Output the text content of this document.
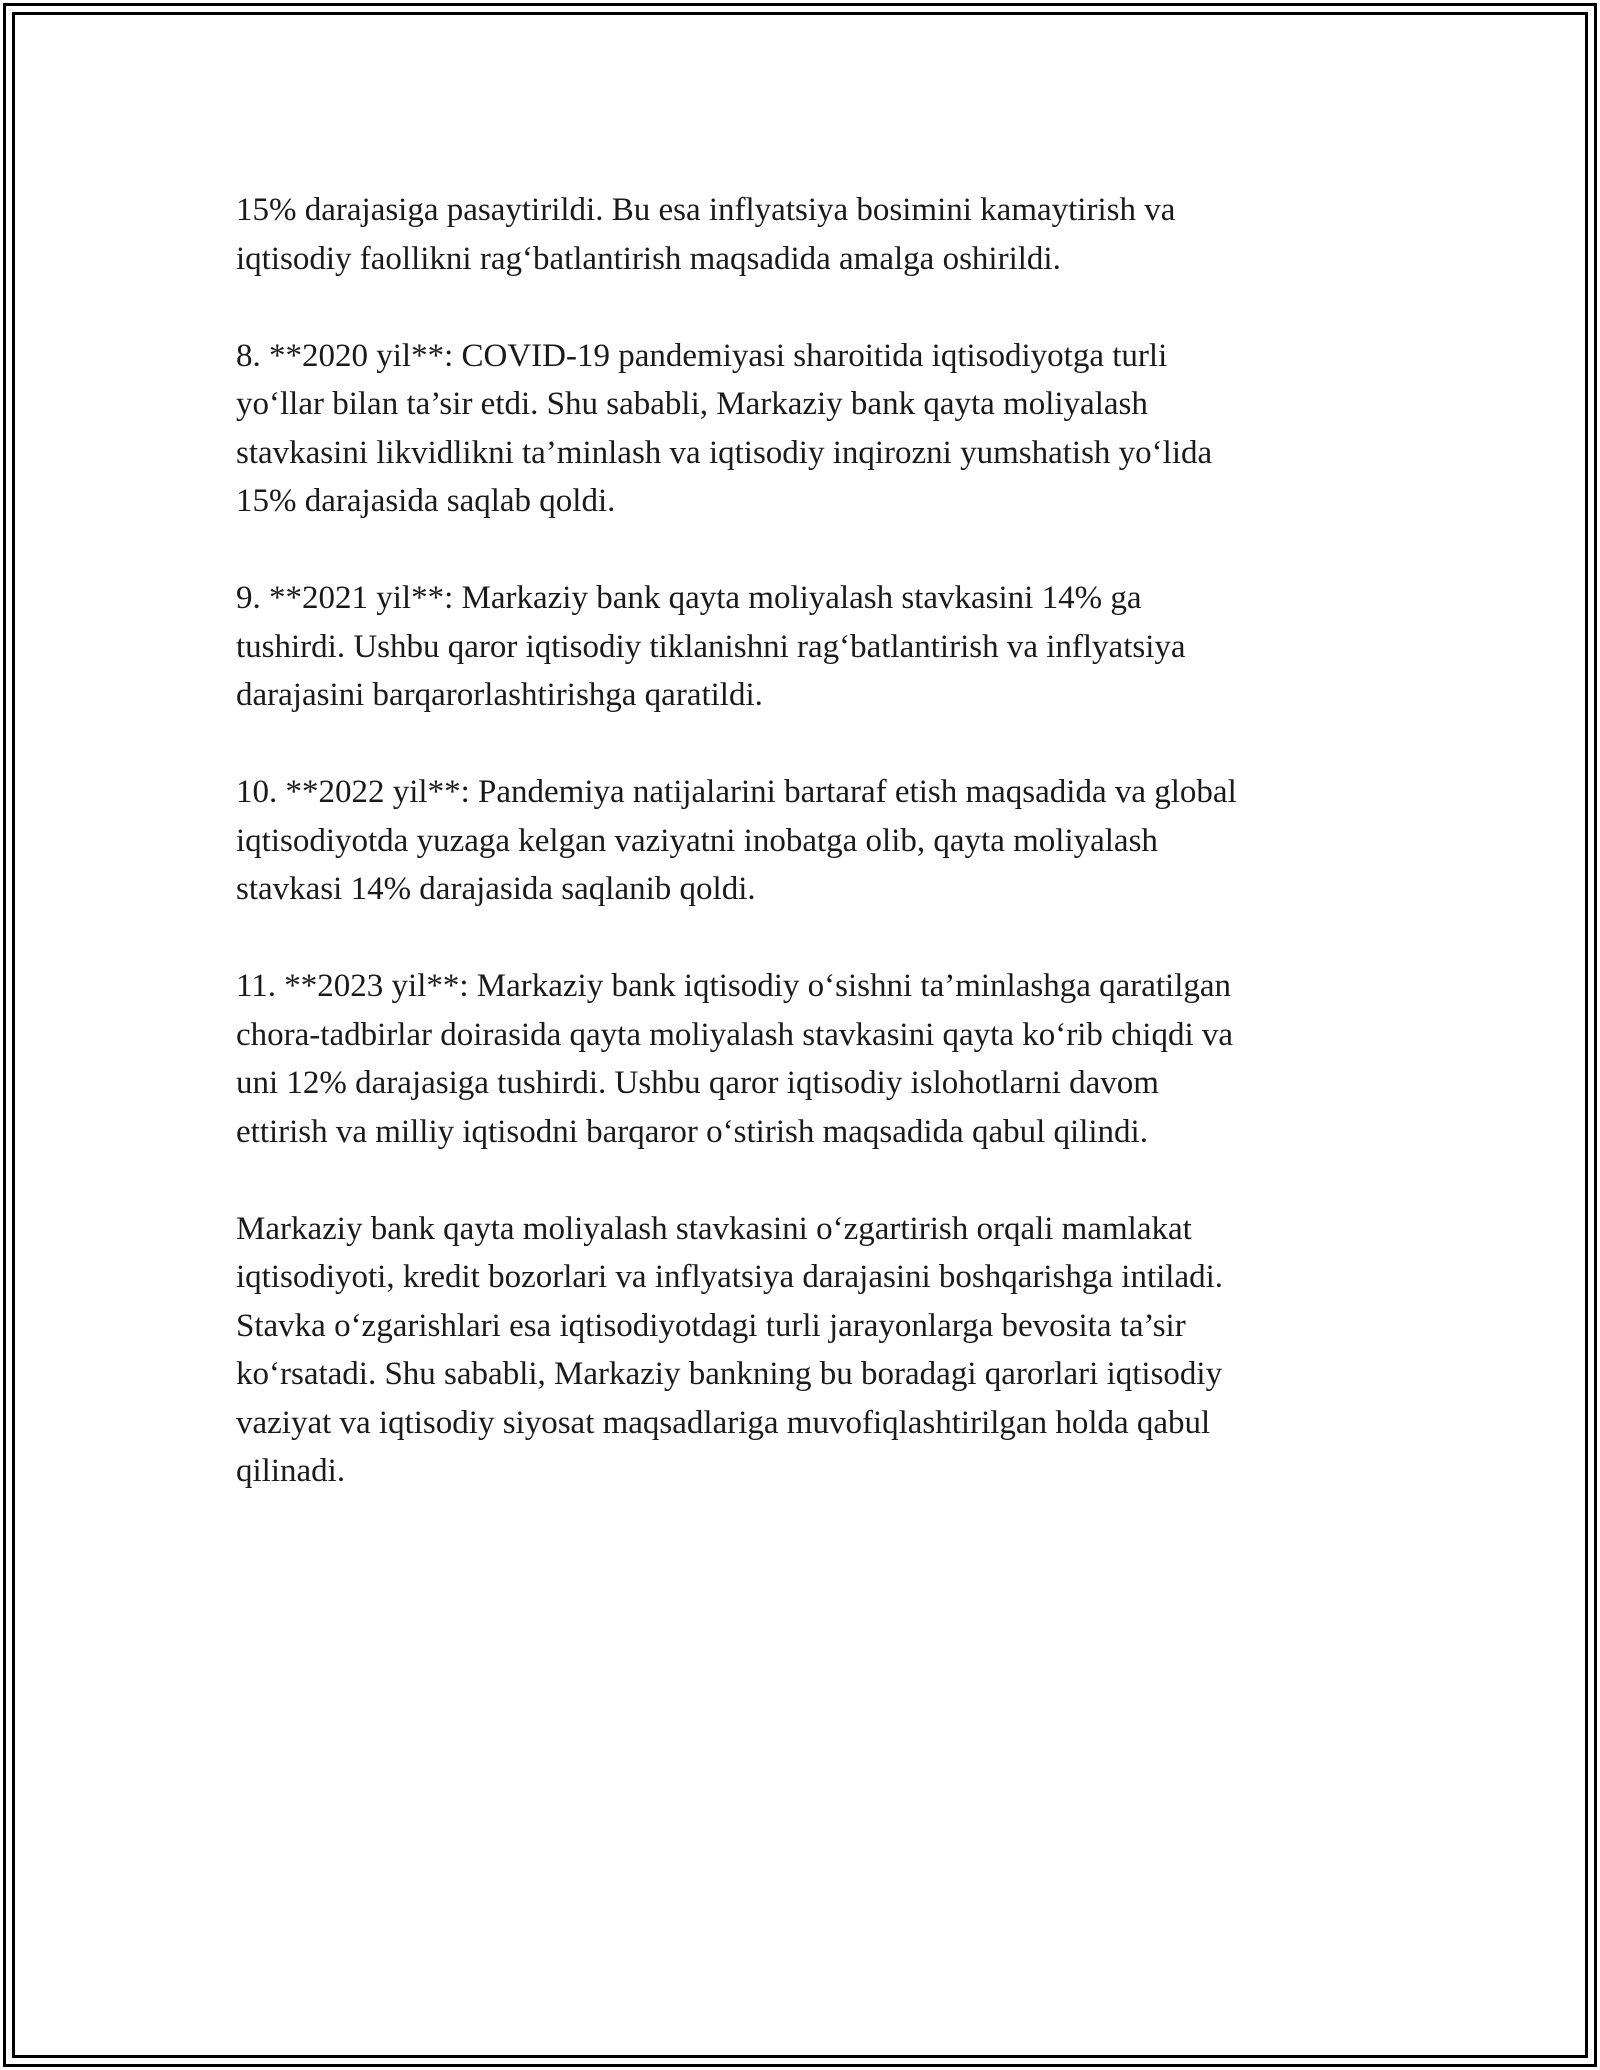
15% darajasiga pasaytirildi. Bu esa inflyatsiya bosimini kamaytirish va
iqtisodiy faollikni rag‘batlantirish maqsadida amalga oshirildi.

8. **2020 yil**: COVID-19 pandemiyasi sharoitida iqtisodiyotga turli
yo‘llar bilan ta’sir etdi. Shu sababli, Markaziy bank qayta moliyalash
stavkasini likvidlikni ta’minlash va iqtisodiy inqirozni yumshatish yo‘lida
15% darajasida saqlab qoldi.

9. **2021 yil**: Markaziy bank qayta moliyalash stavkasini 14% ga
tushirdi. Ushbu qaror iqtisodiy tiklanishni rag‘batlantirish va inflyatsiya
darajasini barqarorlashtirishga qaratildi.

10. **2022 yil**: Pandemiya natijalarini bartaraf etish maqsadida va global
iqtisodiyotda yuzaga kelgan vaziyatni inobatga olib, qayta moliyalash
stavkasi 14% darajasida saqlanib qoldi.

11. **2023 yil**: Markaziy bank iqtisodiy o‘sishni ta’minlashga qaratilgan
chora-tadbirlar doirasida qayta moliyalash stavkasini qayta ko‘rib chiqdi va
uni 12% darajasiga tushirdi. Ushbu qaror iqtisodiy islohotlarni davom
ettirish va milliy iqtisodni barqaror o‘stirish maqsadida qabul qilindi.

Markaziy bank qayta moliyalash stavkasini o‘zgartirish orqali mamlakat
iqtisodiyoti, kredit bozorlari va inflyatsiya darajasini boshqarishga intiladi.
Stavka o‘zgarishlari esa iqtisodiyotdagi turli jarayonlarga bevosita ta’sir
ko‘rsatadi. Shu sababli, Markaziy bankning bu boradagi qarorlari iqtisodiy
vaziyat va iqtisodiy siyosat maqsadlariga muvofiqlashtirilgan holda qabul
qilinadi.
